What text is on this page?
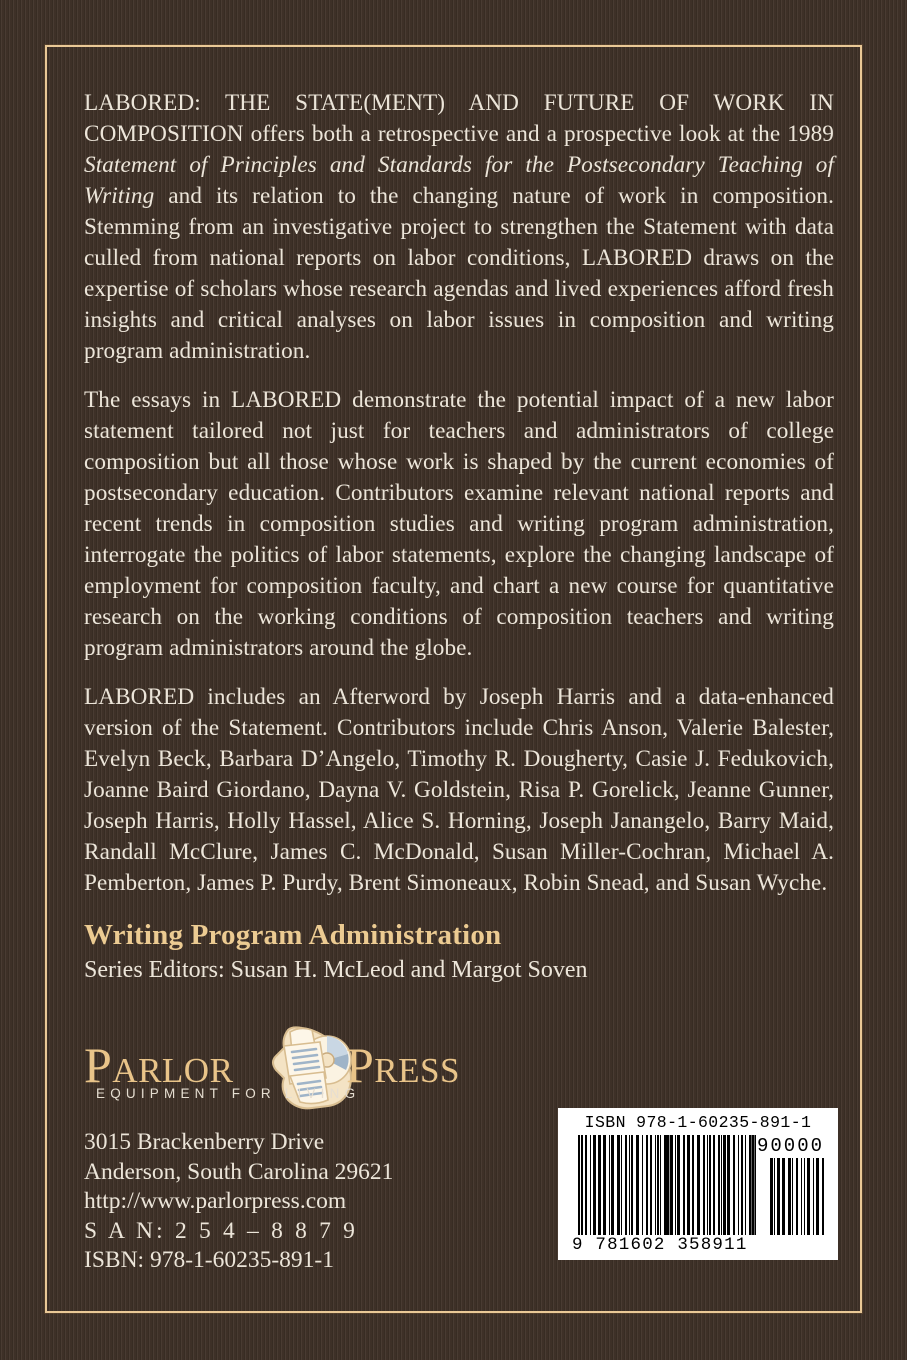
LABORED: THE STATE(MENT) AND FUTURE OF WORK IN COMPOSITION offers both a retrospective and a prospective look at the 1989 Statement of Principles and Standards for the Postsecondary Teaching of Writing and its relation to the changing nature of work in composition. Stemming from an investigative project to strengthen the Statement with data culled from national reports on labor conditions, LABORED draws on the expertise of scholars whose research agendas and lived experiences afford fresh insights and critical analyses on labor issues in composition and writing program administration.

The essays in LABORED demonstrate the potential impact of a new labor statement tailored not just for teachers and administrators of college composition but all those whose work is shaped by the current economies of postsecondary education. Contributors examine relevant national reports and recent trends in composition studies and writing program administration, interrogate the politics of labor statements, explore the changing landscape of employment for composition faculty, and chart a new course for quantitative research on the working conditions of composition teachers and writing program administrators around the globe.

LABORED includes an Afterword by Joseph Harris and a data-enhanced version of the Statement. Contributors include Chris Anson, Valerie Balester, Evelyn Beck, Barbara D’Angelo, Timothy R. Dougherty, Casie J. Fedukovich, Joanne Baird Giordano, Dayna V. Goldstein, Risa P. Gorelick, Jeanne Gunner, Joseph Harris, Holly Hassel, Alice S. Horning, Joseph Janangelo, Barry Maid, Randall McClure, James C. McDonald, Susan Miller-Cochran, Michael A. Pemberton, James P. Purdy, Brent Simoneaux, Robin Snead, and Susan Wyche.

Writing Program Administration
Series Editors: Susan H. McLeod and Margot Soven
Parlor Press
EQUIPMENT FOR LIVING
3015 Brackenberry Drive
Anderson, South Carolina 29621
http://www.parlorpress.com
S A N: 2 5 4 – 8 8 7 9
ISBN: 978-1-60235-891-1
ISBN 978-1-60235-891-1
90000
9 781602 358911
